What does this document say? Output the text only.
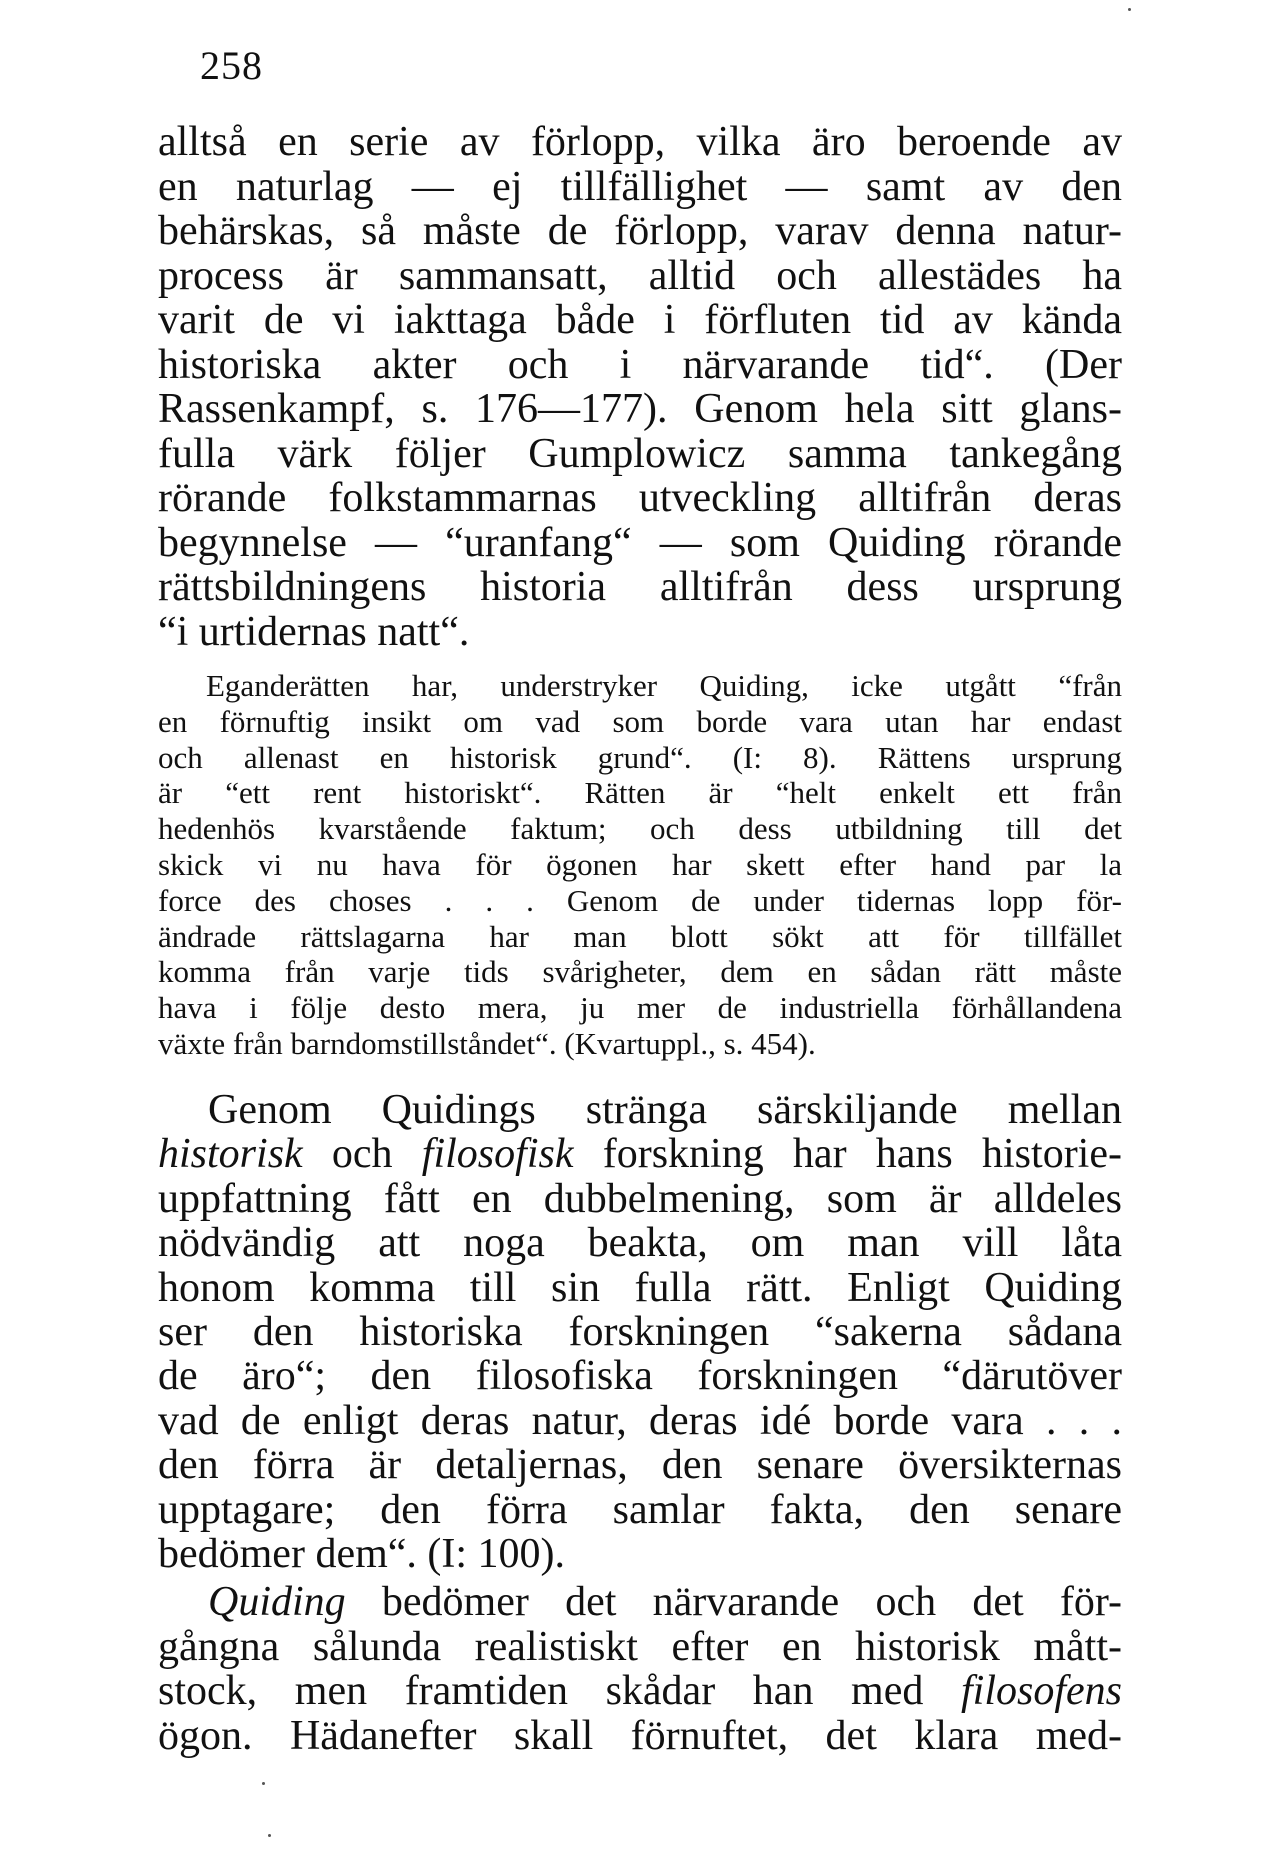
258
alltså en serie av förlopp, vilka äro beroende av
en naturlag — ej tillfällighet — samt av den
behärskas, så måste de förlopp, varav denna natur-
process är sammansatt, alltid och allestädes ha
varit de vi iakttaga både i förfluten tid av kända
historiska akter och i närvarande tid“. (Der
Rassenkampf, s. 176—177). Genom hela sitt glans-
fulla värk följer Gumplowicz samma tankegång
rörande folkstammarnas utveckling alltifrån deras
begynnelse — “uranfang“ — som Quiding rörande
rättsbildningens historia alltifrån dess ursprung
“i urtidernas natt“.
Eganderätten har, understryker Quiding, icke utgått “från
en förnuftig insikt om vad som borde vara utan har endast
och allenast en historisk grund“. (I: 8). Rättens ursprung
är “ett rent historiskt“. Rätten är “helt enkelt ett från
hedenhös kvarstående faktum; och dess utbildning till det
skick vi nu hava för ögonen har skett efter hand par la
force des choses . . . Genom de under tidernas lopp för-
ändrade rättslagarna har man blott sökt att för tillfället
komma från varje tids svårigheter, dem en sådan rätt måste
hava i följe desto mera, ju mer de industriella förhållandena
växte från barndomstillståndet“. (Kvartuppl., s. 454).
Genom Quidings stränga särskiljande mellan
historisk och filosofisk forskning har hans historie-
uppfattning fått en dubbelmening, som är alldeles
nödvändig att noga beakta, om man vill låta
honom komma till sin fulla rätt. Enligt Quiding
ser den historiska forskningen “sakerna sådana
de äro“; den filosofiska forskningen “därutöver
vad de enligt deras natur, deras idé borde vara . . .
den förra är detaljernas, den senare översikternas
upptagare; den förra samlar fakta, den senare
bedömer dem“. (I: 100).
Quiding bedömer det närvarande och det för-
gångna sålunda realistiskt efter en historisk mått-
stock, men framtiden skådar han med filosofens
ögon. Hädanefter skall förnuftet, det klara med-
